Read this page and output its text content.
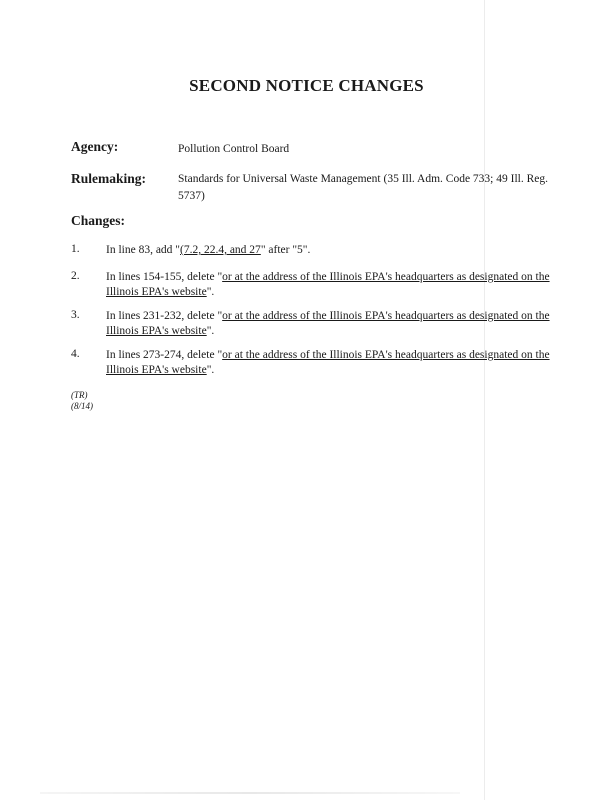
SECOND NOTICE CHANGES
Agency:	Pollution Control Board
Rulemaking:	Standards for Universal Waste Management (35 Ill. Adm. Code 733; 49 Ill. Reg. 5737)
Changes:
1. In line 83, add "(7.2, 22.4, and 27" after "5".
2. In lines 154-155, delete "or at the address of the Illinois EPA's headquarters as designated on the Illinois EPA's website".
3. In lines 231-232, delete "or at the address of the Illinois EPA's headquarters as designated on the Illinois EPA's website".
4. In lines 273-274, delete "or at the address of the Illinois EPA's headquarters as designated on the Illinois EPA's website".
(TR)
(8/14)
